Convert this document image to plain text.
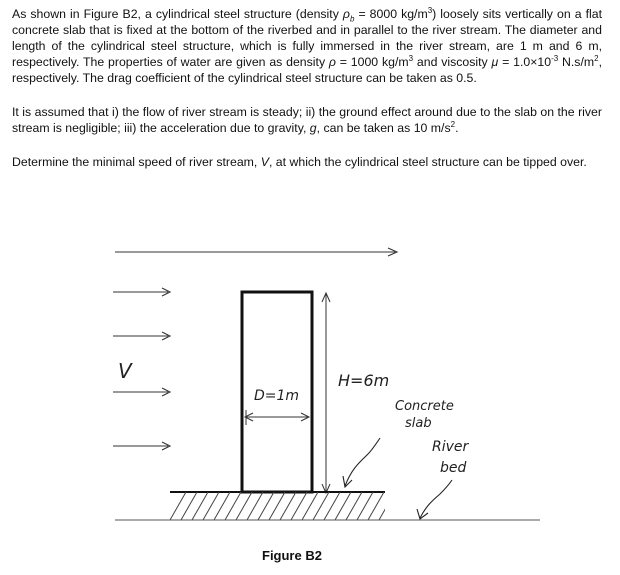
As shown in Figure B2, a cylindrical steel structure (density $\rho_b = 8000$ $kg/m^3$) loosely sits vertically on a flat concrete slab that is fixed at the bottom of the riverbed and in parallel to the river stream. The diameter and length of the cylindrical steel structure, which is fully immersed in the river stream, are 1 m and 6 m, respectively. The properties of water are given as density ρ = 1000 $kg/m^3$ and viscosity $\mu = 1.0\times 10^{-3}$ $N.s/m^2$, respectively. The drag coefficient of the cylindrical steel structure can be taken as 0.5.

It is assumed that i) the flow of river stream is steady; ii) the ground effect around due to the slab on the river stream is negligible; iii) the acceleration due to gravity, g, can be taken as 10 $m/s^2$.

Determine the minimal speed of river stream, V, at which the cylindrical steel structure can be tipped over.

V
D=1m
H=6m
Concrete
slab
River
bed
Figure B2
